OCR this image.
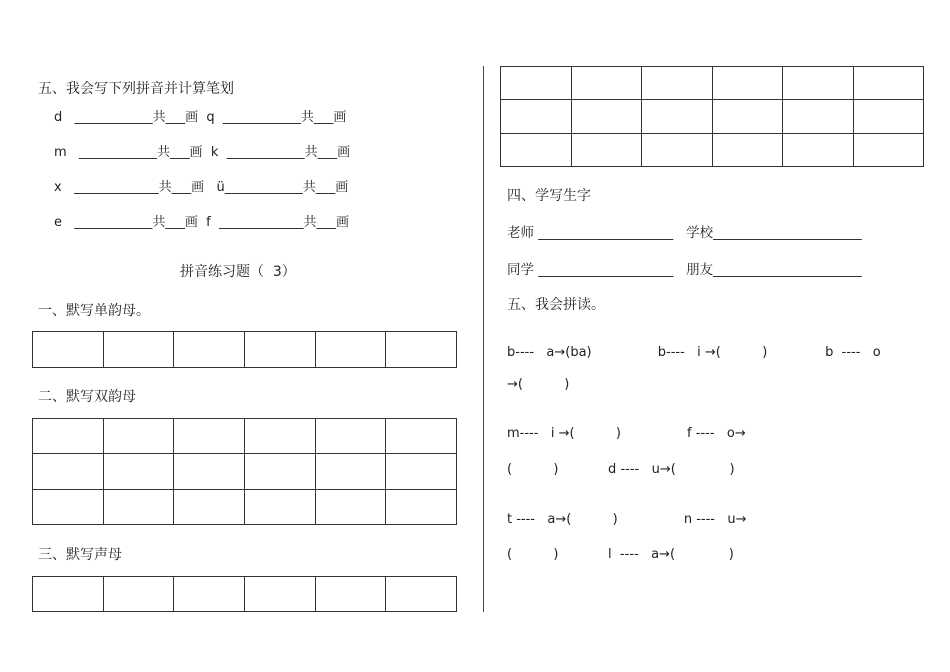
五、我会写下列拼音并计算笔划
d   ____________共___画  q  ____________共___画
m   ____________共___画  k  ____________共___画
x   _____________共___画   ü____________共___画
e   ____________共___画  f  _____________共___画
拼音练习题（  3）
一、默写单韵母。

二、默写双韵母

三、默写声母

四、学写生字
老师 ____________________   学校______________________
同学 ____________________   朋友______________________
五、我会拼读。
b----   a→(ba)                b----   i →(          )              b  ----   o
→(          )
m----   i →(          )                f ----   o→
(          )            d ----   u→(             )
t ----   a→(          )                n ----   u→
(          )            l  ----   a→(             )
